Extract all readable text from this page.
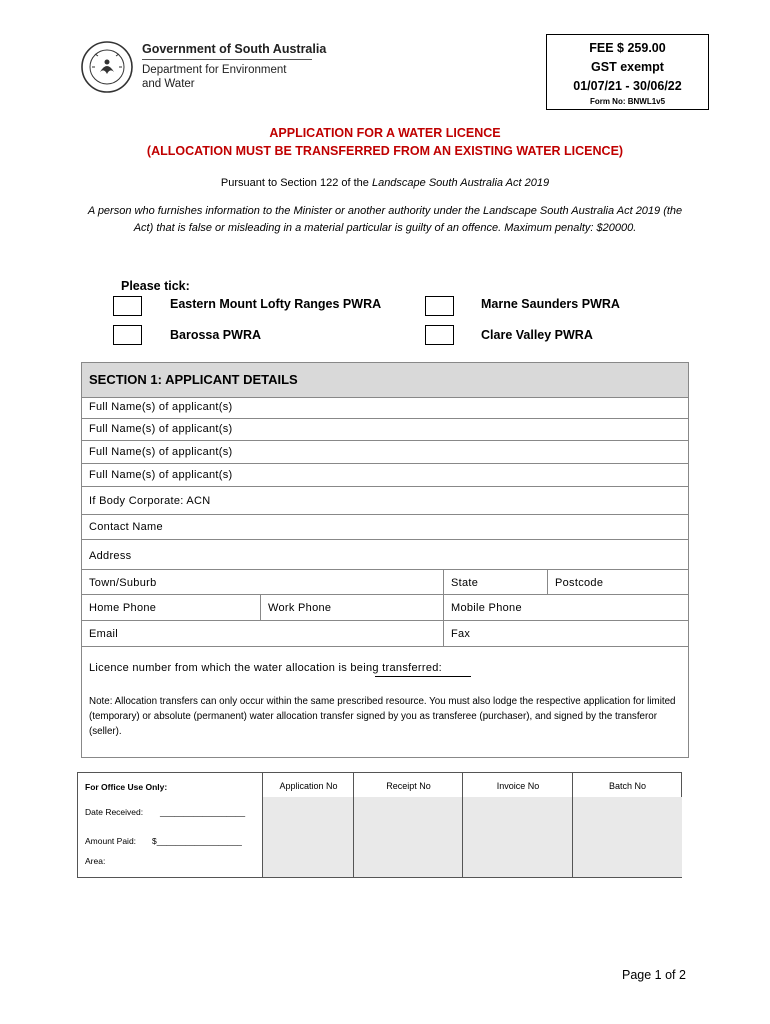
Government of South Australia
Department for Environment
and Water
FEE $ 259.00
GST exempt
01/07/21 - 30/06/22
Form No: BNWL1v5
APPLICATION FOR A WATER LICENCE
(ALLOCATION MUST BE TRANSFERRED FROM AN EXISTING WATER LICENCE)
Pursuant to Section 122 of the Landscape South Australia Act 2019
A person who furnishes information to the Minister or another authority under the Landscape South Australia Act 2019 (the Act) that is false or misleading in a material particular is guilty of an offence. Maximum penalty: $20000.
Please tick:
Eastern Mount Lofty Ranges PWRA	Marne Saunders PWRA
Barossa PWRA	Clare Valley PWRA
SECTION 1: APPLICANT DETAILS
Full Name(s) of applicant(s)
Full Name(s) of applicant(s)
Full Name(s) of applicant(s)
Full Name(s) of applicant(s)
If Body Corporate: ACN
Contact Name
Address
Town/Suburb	State	Postcode
Home Phone	Work Phone	Mobile Phone
Email	Fax
Licence number from which the water allocation is being transferred:
Note: Allocation transfers can only occur within the same prescribed resource. You must also lodge the respective application for limited (temporary) or absolute (permanent) water allocation transfer signed by you as transferee (purchaser), and signed by the transferor (seller).
For Office Use Only:
Date Received: __________________
Amount Paid: $__________________
Area:
Application No	Receipt No	Invoice No	Batch No
Page 1 of 2
